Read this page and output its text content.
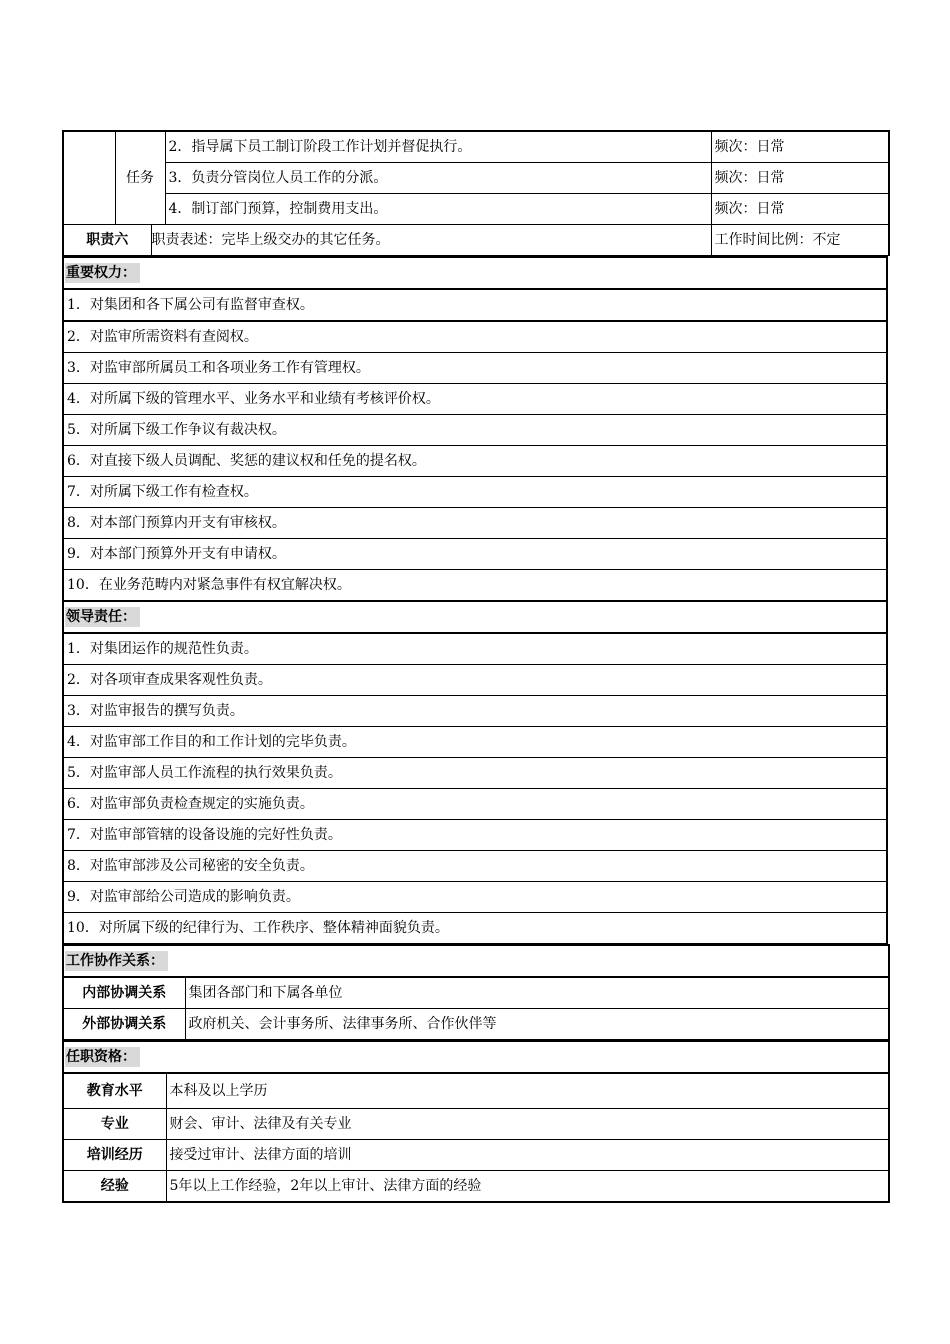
	任务		2．指导属下员工制订阶段工作计划并督促执行。	频次：日常
			3．负责分管岗位人员工作的分派。	频次：日常
			4．制订部门预算，控制费用支出。	频次：日常
职责六		职责表述：完毕上级交办的其它任务。		工作时间比例：不定
重要权力：
1．对集团和各下属公司有监督审查权。
2．对监审所需资料有查阅权。
3．对监审部所属员工和各项业务工作有管理权。
4．对所属下级的管理水平、业务水平和业绩有考核评价权。
5．对所属下级工作争议有裁决权。
6．对直接下级人员调配、奖惩的建议权和任免的提名权。
7．对所属下级工作有检查权。
8．对本部门预算内开支有审核权。
9．对本部门预算外开支有申请权。
10．在业务范畴内对紧急事件有权宜解决权。
领导责任：
1．对集团运作的规范性负责。
2．对各项审查成果客观性负责。
3．对监审报告的撰写负责。
4．对监审部工作目的和工作计划的完毕负责。
5．对监审部人员工作流程的执行效果负责。
6．对监审部负责检查规定的实施负责。
7．对监审部管辖的设备设施的完好性负责。
8．对监审部涉及公司秘密的安全负责。
9．对监审部给公司造成的影响负责。
10．对所属下级的纪律行为、工作秩序、整体精神面貌负责。
工作协作关系：	
内部协调关系	集团各部门和下属各单位
外部协调关系	政府机关、会计事务所、法律事务所、合作伙伴等
任职资格：	
教育水平	本科及以上学历
专业	财会、审计、法律及有关专业
培训经历	接受过审计、法律方面的培训
经验	5年以上工作经验，2年以上审计、法律方面的经验
